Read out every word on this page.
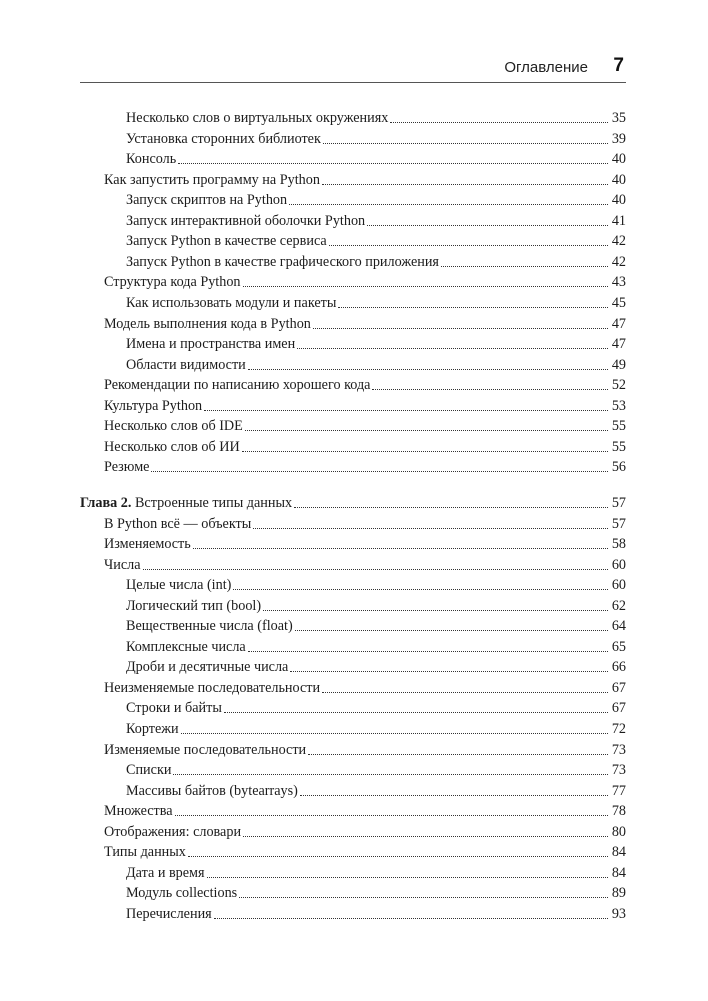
Оглавление 7
Несколько слов о виртуальных окружениях	35
Установка сторонних библиотек	39
Консоль	40
Как запустить программу на Python	40
Запуск скриптов на Python	40
Запуск интерактивной оболочки Python	41
Запуск Python в качестве сервиса	42
Запуск Python в качестве графического приложения	42
Структура кода Python	43
Как использовать модули и пакеты	45
Модель выполнения кода в Python	47
Имена и пространства имен	47
Области видимости	49
Рекомендации по написанию хорошего кода	52
Культура Python	53
Несколько слов об IDE	55
Несколько слов об ИИ	55
Резюме	56
Глава 2. Встроенные типы данных	57
В Python всё — объекты	57
Изменяемость	58
Числа	60
Целые числа (int)	60
Логический тип (bool)	62
Вещественные числа (float)	64
Комплексные числа	65
Дроби и десятичные числа	66
Неизменяемые последовательности	67
Строки и байты	67
Кортежи	72
Изменяемые последовательности	73
Списки	73
Массивы байтов (bytearrays)	77
Множества	78
Отображения: словари	80
Типы данных	84
Дата и время	84
Модуль collections	89
Перечисления	93
